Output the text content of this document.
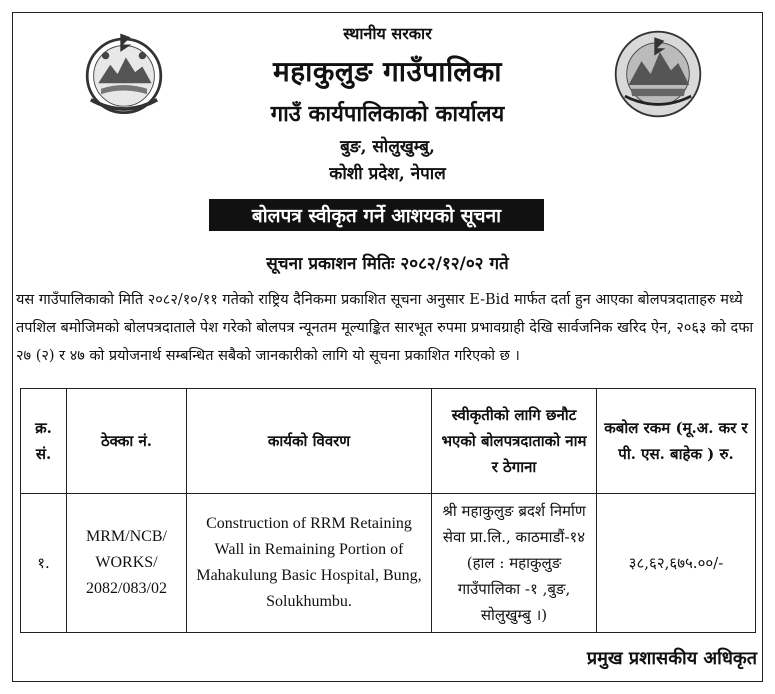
स्थानीय सरकार
महाकुलुङ गाउँपालिका
गाउँ कार्यपालिकाको कार्यालय
बुङ, सोलुखुम्बु,
कोशी प्रदेश, नेपाल
बोलपत्र स्वीकृत गर्ने आशयको सूचना
सूचना प्रकाशन मितिः २०८२/१२/०२ गते

यस गाउँपालिकाको मिति २०८२/१०/११ गतेको राष्ट्रिय दैनिकमा प्रकाशित सूचना अनुसार E-Bid मार्फत दर्ता हुन आएका बोलपत्रदाताहरु मध्ये तपशिल बमोजिमको बोलपत्रदाताले पेश गरेको बोलपत्र न्यूनतम मूल्याङ्कित सारभूत रुपमा प्रभावग्राही देखि सार्वजनिक खरिद ऐन, २०६३ को दफा २७ (२) र ४७ को प्रयोजनार्थ सम्बन्धित सबैको जानकारीको लागि यो सूचना प्रकाशित गरिएको छ ।

क्र. सं.	ठेक्का नं.	कार्यको विवरण	स्वीकृतीको लागि छनौट भएको बोलपत्रदाताको नाम र ठेगाना	कबोल रकम (मू.अ. कर र पी. एस. बाहेक ) रु.
१.	MRM/NCB/ WORKS/ 2082/083/02	Construction of RRM Retaining Wall in Remaining Portion of Mahakulung Basic Hospital, Bung, Solukhumbu.	श्री महाकुलुङ ब्रदर्श निर्माण सेवा प्रा.लि., काठमाडौं-१४ (हाल : महाकुलुङ गाउँपालिका -१ ,बुङ, सोलुखुम्बु ।)	३८,६२,६७५.००/-
प्रमुख प्रशासकीय अधिकृत
